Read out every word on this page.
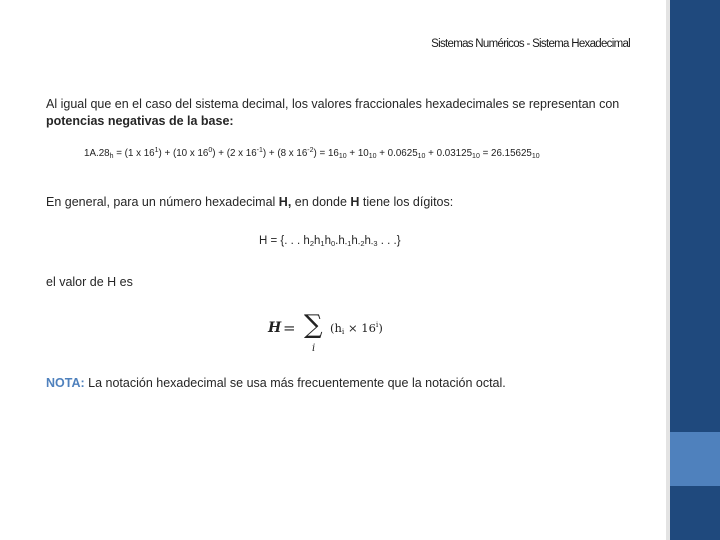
Sistemas Numéricos - Sistema Hexadecimal

Al igual que en el caso del sistema decimal, los valores fraccionales hexadecimales se representan con
potencias negativas de la base:

$1A.28_h = (1$ x $16^1) + (10$ x $16^0) + (2$ x $16^{-1}) + (8$ x $16^{-2}) = 16_{10} + 10_{10} + 0.0625_{10} + 0.03125_{10} = 26.15625_{10}$

En general, para un número hexadecimal H, en donde H tiene los dígitos:

H = {. . . $h_2h_1h_0.h_{-1}h_{-2}h_{-3}$ . . .}

el valor de H es

H = ∑
i
$(h_i \times 16^i)$

NOTA: La notación hexadecimal se usa más frecuentemente que la notación octal.
